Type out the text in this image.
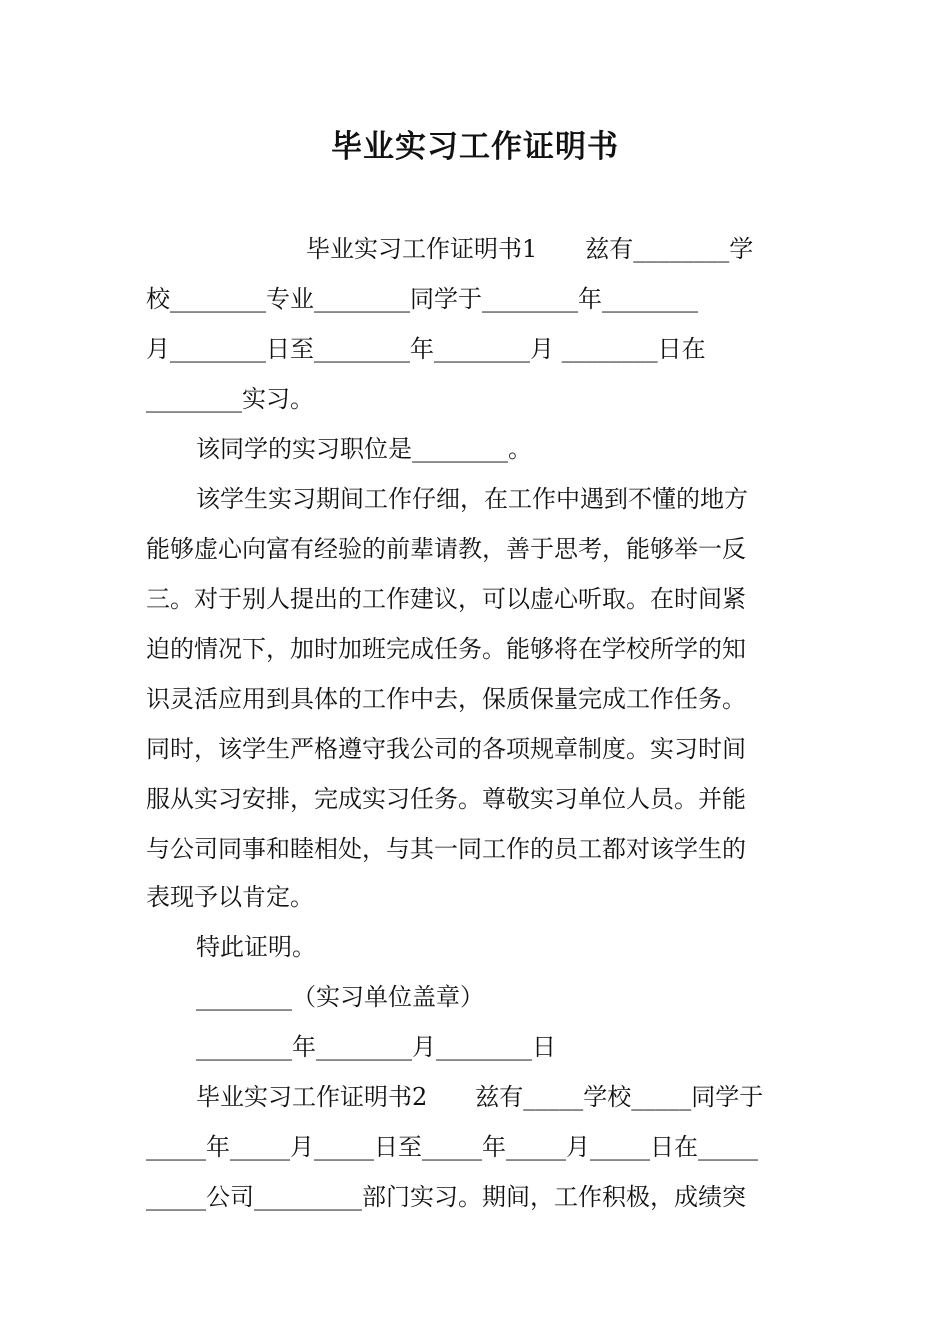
毕业实习工作证明书
毕业实习工作证明书1　　兹有________学
校________专业________同学于________年________
月________日至________年________月 ________日在
________实习。
该同学的实习职位是________。
该学生实习期间工作仔细，在工作中遇到不懂的地方
能够虚心向富有经验的前辈请教，善于思考，能够举一反
三。对于别人提出的工作建议，可以虚心听取。在时间紧
迫的情况下，加时加班完成任务。能够将在学校所学的知
识灵活应用到具体的工作中去，保质保量完成工作任务。
同时，该学生严格遵守我公司的各项规章制度。实习时间
服从实习安排，完成实习任务。尊敬实习单位人员。并能
与公司同事和睦相处，与其一同工作的员工都对该学生的
表现予以肯定。
特此证明。
________（实习单位盖章）
________年________月________日
毕业实习工作证明书2　　兹有_____学校_____同学于
_____年_____月_____日至_____年_____月_____日在_____
_____公司_________部门实习。期间，工作积极，成绩突
